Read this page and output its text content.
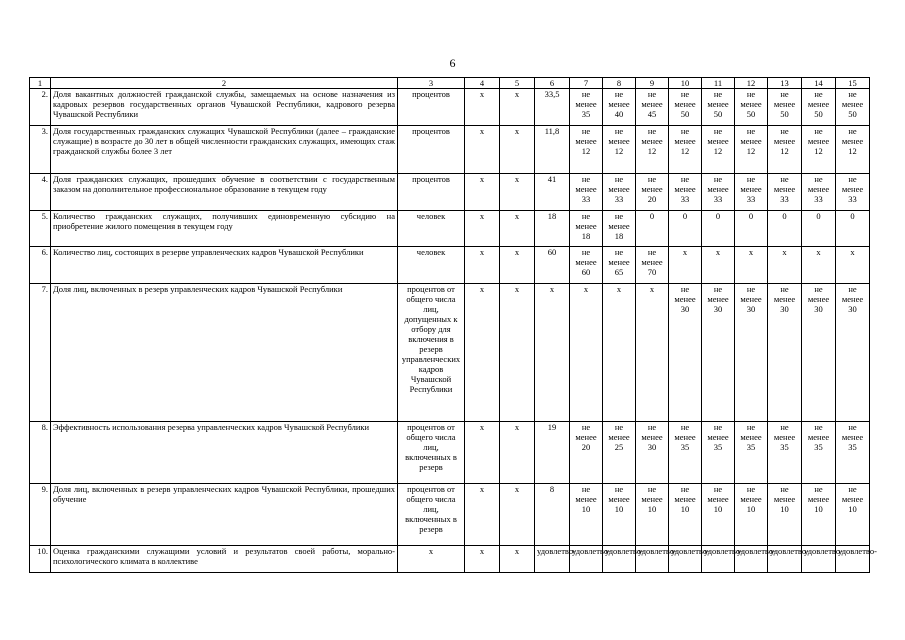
6
1	2	3	4	5	6	7	8	9	10	11	12	13	14	15
2.	Доля вакантных должностей гражданской службы, замещаемых на основе назначения из кадровых резервов государственных органов Чувашской Республики, кадрового резерва Чувашской Республики	процентов	x	x	33,5	не менее 35	не менее 40	не менее 45	не менее 50	не менее 50	не менее 50	не менее 50	не менее 50	не менее 50
3.	Доля государственных гражданских служащих Чувашской Республики (далее – гражданские служащие) в возрасте до 30 лет в общей численности гражданских служащих, имеющих стаж гражданской службы более 3 лет	процентов	x	x	11,8	не менее 12	не менее 12	не менее 12	не менее 12	не менее 12	не менее 12	не менее 12	не менее 12	не менее 12
4.	Доля гражданских служащих, прошедших обучение в соответствии с государственным заказом на дополнительное профессиональное образование в текущем году	процентов	x	x	41	не менее 33	не менее 33	не менее 20	не менее 33	не менее 33	не менее 33	не менее 33	не менее 33	не менее 33
5.	Количество гражданских служащих, получивших единовременную субсидию на приобретение жилого помещения в текущем году	человек	x	x	18	не менее 18	не менее 18	0	0	0	0	0	0	0
6.	Количество лиц, состоящих в резерве управленческих кадров Чувашской Республики	человек	x	x	60	не менее 60	не менее 65	не менее 70	x	x	x	x	x	x
7.	Доля лиц, включенных в резерв управленческих кадров Чувашской Республики	процентов от общего числа лиц, допущенных к отбору для включения в резерв управленческих кадров Чувашской Республики	x	x	x	x	x	x	не менее 30	не менее 30	не менее 30	не менее 30	не менее 30	не менее 30
8.	Эффективность использования резерва управленческих кадров Чувашской Республики	процентов от общего числа лиц, включенных в резерв	x	x	19	не менее 20	не менее 25	не менее 30	не менее 35	не менее 35	не менее 35	не менее 35	не менее 35	не менее 35
9.	Доля лиц, включенных в резерв управленческих кадров Чувашской Республики, прошедших обучение	процентов от общего числа лиц, включенных в резерв	x	x	8	не менее 10	не менее 10	не менее 10	не менее 10	не менее 10	не менее 10	не менее 10	не менее 10	не менее 10
10.	Оценка гражданскими служащими условий и результатов своей работы, морально-психологического климата в коллективе	x	x	x	удовлетво-	удовлетво-	удовлетво-	удовлетво-	удовлетво-	удовлетво-	удовлетво-	удовлетво-	удовлетво-	удовлетво-
